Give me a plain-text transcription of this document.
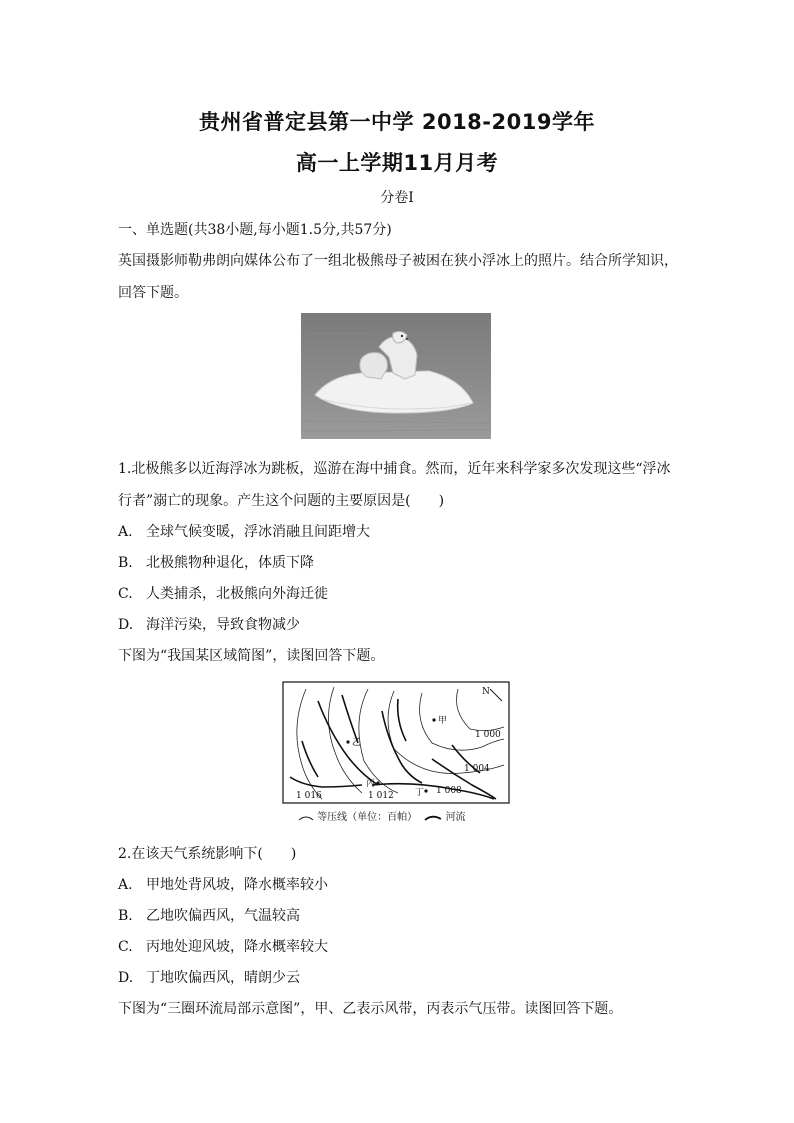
贵州省普定县第一中学 2018-2019学年
高一上学期11月月考
分卷I
一、单选题(共38小题,每小题1.5分,共57分)
英国摄影师勒弗朗向媒体公布了一组北极熊母子被困在狭小浮冰上的照片。结合所学知识，
回答下题。
1.北极熊多以近海浮冰为跳板，巡游在海中捕食。然而，近年来科学家多次发现这些“浮冰
行者”溺亡的现象。产生这个问题的主要原因是(　　)
A. 全球气候变暖，浮冰消融且间距增大
B. 北极熊物种退化，体质下降
C. 人类捕杀，北极熊向外海迁徙
D. 海洋污染，导致食物减少
下图为“我国某区域简图”，读图回答下题。
N
甲
乙
丙
丁
1 000
1 004
1 008
1 012
1 016
等压线（单位：百帕）	河流
2.在该天气系统影响下(　　)
A. 甲地处背风坡，降水概率较小
B. 乙地吹偏西风，气温较高
C. 丙地处迎风坡，降水概率较大
D. 丁地吹偏西风，晴朗少云
下图为“三圈环流局部示意图”，甲、乙表示风带，丙表示气压带。读图回答下题。
